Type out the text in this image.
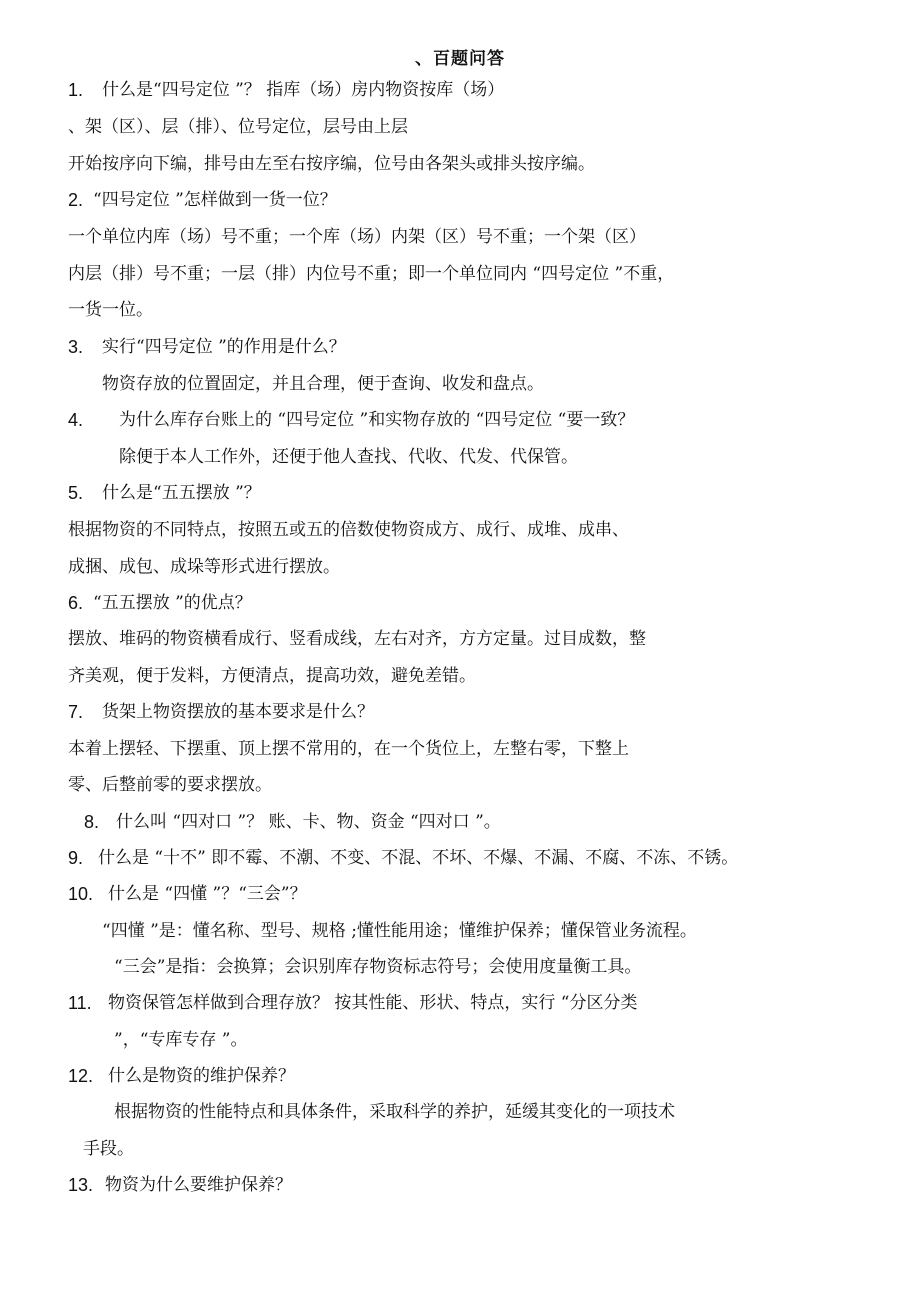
、百题问答
1. 什么是“四号定位 ”？ 指库（场）房内物资按库（场）
、架（区）、层（排）、位号定位，层号由上层
开始按序向下编，排号由左至右按序编，位号由各架头或排头按序编。
2. “四号定位 ”怎样做到一货一位？
一个单位内库（场）号不重；一个库（场）内架（区）号不重；一个架（区）
内层（排）号不重；一层（排）内位号不重；即一个单位同内 “四号定位 ”不重，
一货一位。
3. 实行“四号定位 ”的作用是什么？
物资存放的位置固定，并且合理，便于查询、收发和盘点。
4. 为什么库存台账上的 “四号定位 ”和实物存放的 “四号定位 “要一致？
除便于本人工作外，还便于他人查找、代收、代发、代保管。
5. 什么是“五五摆放 ”？
根据物资的不同特点，按照五或五的倍数使物资成方、成行、成堆、成串、
成捆、成包、成垛等形式进行摆放。
6. “五五摆放 ”的优点？
摆放、堆码的物资横看成行、竖看成线，左右对齐，方方定量。过目成数，整
齐美观，便于发料，方便清点，提高功效，避免差错。
7. 货架上物资摆放的基本要求是什么？
本着上摆轻、下摆重、顶上摆不常用的，在一个货位上，左整右零，下整上
零、后整前零的要求摆放。
8. 什么叫 “四对口 ”？ 账、卡、物、资金 “四对口 ”。
9. 什么是 “十不” 即不霉、不潮、不变、不混、不坏、不爆、不漏、不腐、不冻、不锈。
10. 什么是 “四懂 ”？“三会”？
“四懂 ”是：懂名称、型号、规格 ;懂性能用途；懂维护保养；懂保管业务流程。
“三会”是指：会换算；会识别库存物资标志符号；会使用度量衡工具。
11. 物资保管怎样做到合理存放？ 按其性能、形状、特点，实行 “分区分类
”，“专库专存 ”。
12. 什么是物资的维护保养？
根据物资的性能特点和具体条件，采取科学的养护，延缓其变化的一项技术
手段。
13. 物资为什么要维护保养？
